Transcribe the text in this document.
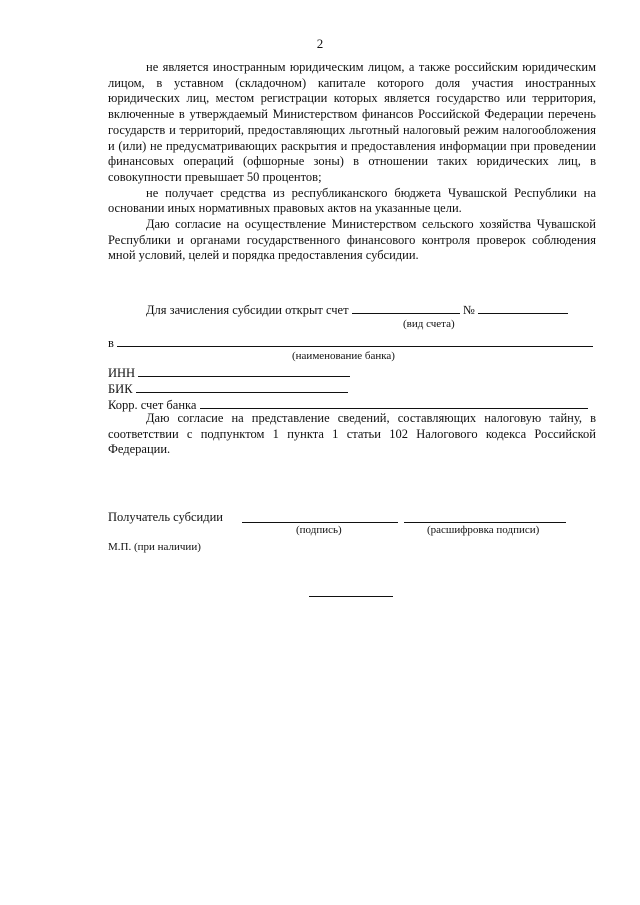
2

не является иностранным юридическим лицом, а также российским юридическим лицом, в уставном (складочном) капитале которого доля участия иностранных юридических лиц, местом регистрации которых является государство или территория, включенные в утверждаемый Министерством финансов Российской Федерации перечень государств и территорий, предоставляющих льготный налоговый режим налогообложения и (или) не предусматривающих раскрытия и предоставления информации при проведении финансовых операций (офшорные зоны) в отношении таких юридических лиц, в совокупности превышает 50 процентов;

не получает средства из республиканского бюджета Чувашской Республики на основании иных нормативных правовых актов на указанные цели.

Даю согласие на осуществление Министерством сельского хозяйства Чувашской Республики и органами государственного финансового контроля проверок соблюдения мной условий, целей и порядка предоставления субсидии.

Для зачисления субсидии открыт счет	№
(вид счета)
в
(наименование банка)
ИНН
БИК
Корр. счет банка

Даю согласие на представление сведений, составляющих налоговую тайну, в соответствии с подпунктом 1 пункта 1 статьи 102 Налогового кодекса Российской Федерации.

Получатель субсидии
(подпись)	(расшифровка подписи)
М.П. (при наличии)
